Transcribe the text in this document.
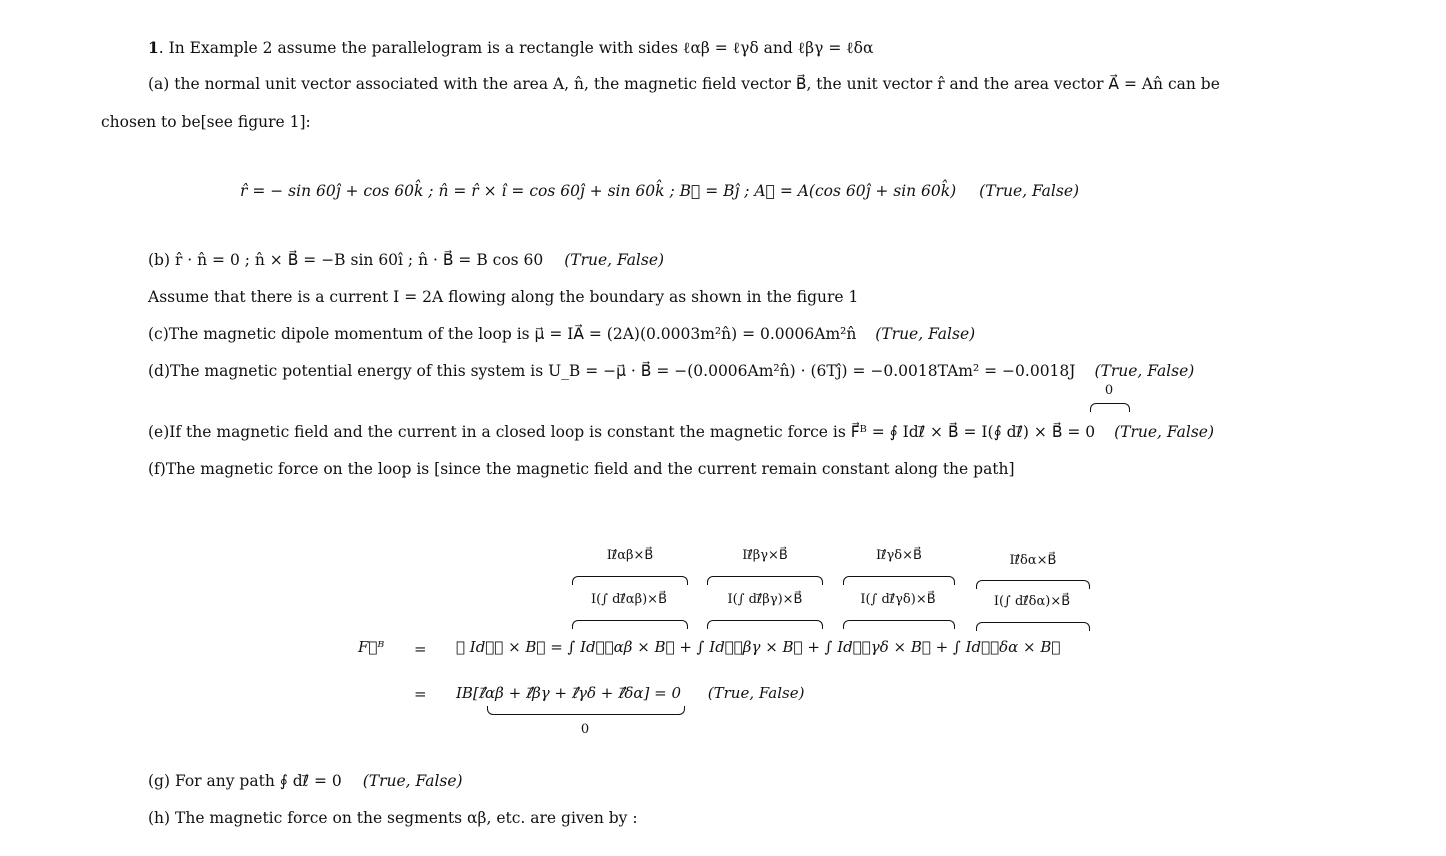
1. In Example 2 assume the parallelogram is a rectangle with sides ℓαβ = ℓγδ and ℓβγ = ℓδα
(a) the normal unit vector associated with the area A, n̂, the magnetic field vector B⃗, the unit vector r̂ and the area vector A⃗ = An̂ can be
chosen to be[see figure 1]:
r̂ = − sin 60ĵ + cos 60k̂ ; n̂ = r̂ × î = cos 60ĵ + sin 60k̂ ; B⃗ = Bĵ ; A⃗ = A(cos 60ĵ + sin 60k̂) (True, False)
(b) r̂ · n̂ = 0 ; n̂ × B⃗ = −B sin 60î ; n̂ · B⃗ = B cos 60 (True, False)
Assume that there is a current I = 2A flowing along the boundary as shown in the figure 1
(c)The magnetic dipole momentum of the loop is μ⃗ = IA⃗ = (2A)(0.0003m²n̂) = 0.0006Am²n̂ (True, False)
(d)The magnetic potential energy of this system is U_B = −μ⃗ · B⃗ = −(0.0006Am²n̂) · (6Tĵ) = −0.0018TAm² = −0.0018J (True, False)
0
(e)If the magnetic field and the current in a closed loop is constant the magnetic force is F⃗ᴮ = ∮ Idℓ⃗ × B⃗ = I(∮ dℓ⃗) × B⃗ = 0 (True, False)
(f)The magnetic force on the loop is [since the magnetic field and the current remain constant along the path]
Iℓ⃗αβ×B⃗	Iℓ⃗βγ×B⃗	Iℓ⃗γδ×B⃗	Iℓ⃗δα×B⃗
I(∫ dℓ⃗αβ)×B⃗	I(∫ dℓ⃗βγ)×B⃗	I(∫ dℓ⃗γδ)×B⃗	I(∫ dℓ⃗δα)×B⃗
F⃗ᴮ = ∮ Idℓ⃗ × B⃗ = ∫ Idℓ⃗αβ × B⃗ + ∫ Idℓ⃗βγ × B⃗ + ∫ Idℓ⃗γδ × B⃗ + ∫ Idℓ⃗δα × B⃗
= IB[ℓ⃗αβ + ℓ⃗βγ + ℓ⃗γδ + ℓ⃗δα] = 0 (True, False)
0
(g) For any path ∮ dℓ⃗ = 0 (True, False)
(h) The magnetic force on the segments αβ, etc. are given by :
